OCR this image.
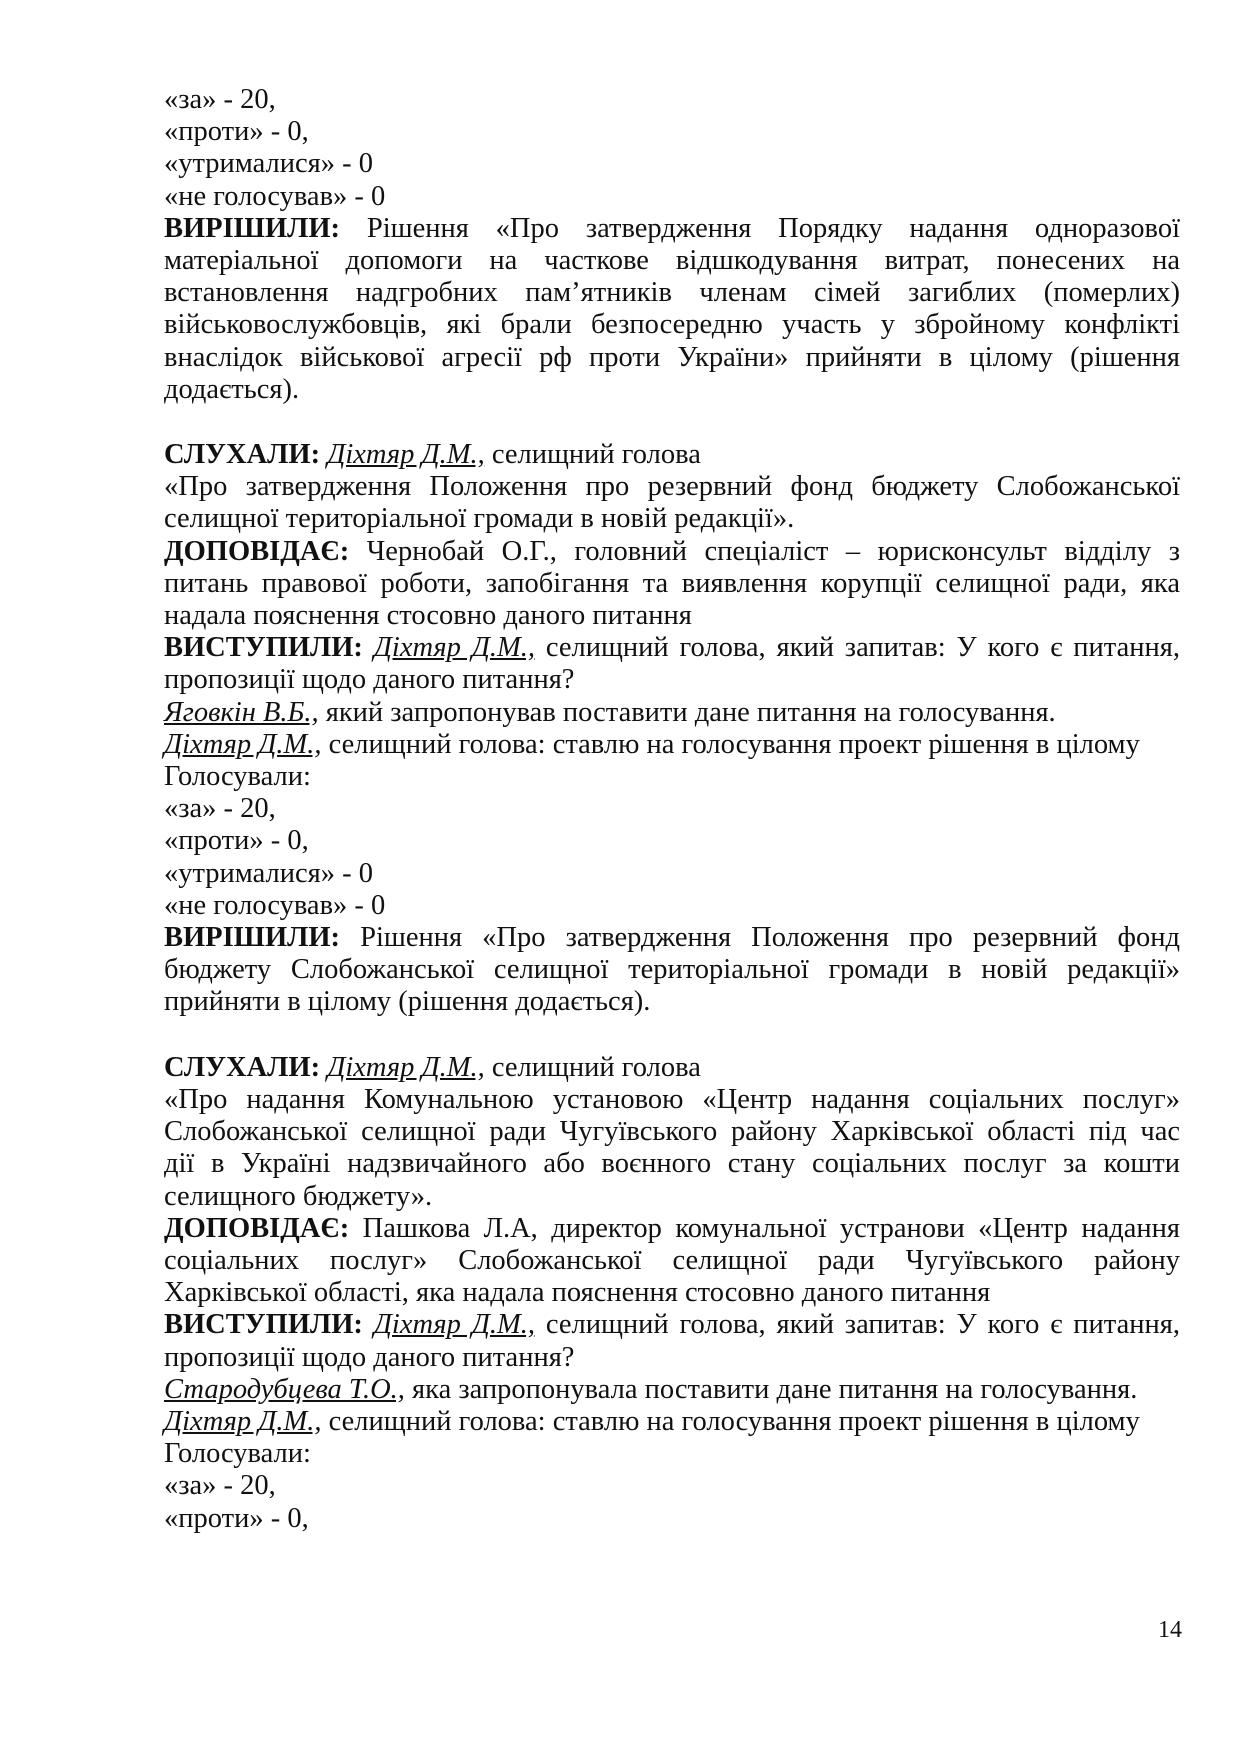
«за» - 20,
«проти» - 0,
«утрималися» - 0
«не голосував» - 0
ВИРІШИЛИ: Рішення «Про затвердження Порядку надання одноразової
матеріальної допомоги на часткове відшкодування витрат, понесених на
встановлення надгробних пам’ятників членам сімей загиблих (померлих)
військовослужбовців, які брали безпосередню участь у збройному конфлікті
внаслідок військової агресії рф проти України» прийняти в цілому (рішення
додається).
СЛУХАЛИ: Діхтяр Д.М., селищний голова
«Про затвердження Положення про резервний фонд бюджету Слобожанської
селищної територіальної громади в новій редакції».
ДОПОВІДАЄ: Чернобай О.Г., головний спеціаліст – юрисконсульт відділу з
питань правової роботи, запобігання та виявлення корупції селищної ради, яка
надала пояснення стосовно даного питання
ВИСТУПИЛИ: Діхтяр Д.М., селищний голова, який запитав: У кого є питання,
пропозиції щодо даного питання?
Яговкін В.Б., який запропонував поставити дане питання на голосування.
Діхтяр Д.М., селищний голова: ставлю на голосування проект рішення в цілому
Голосували:
«за» - 20,
«проти» - 0,
«утрималися» - 0
«не голосував» - 0
ВИРІШИЛИ: Рішення «Про затвердження Положення про резервний фонд
бюджету Слобожанської селищної територіальної громади в новій редакції»
прийняти в цілому (рішення додається).
СЛУХАЛИ: Діхтяр Д.М., селищний голова
«Про надання Комунальною установою «Центр надання соціальних послуг»
Слобожанської селищної ради Чугуївського району Харківської області під час
дії в Україні надзвичайного або воєнного стану соціальних послуг за кошти
селищного бюджету».
ДОПОВІДАЄ: Пашкова Л.А, директор комунальної устранови «Центр надання
соціальних послуг» Слобожанської селищної ради Чугуївського району
Харківської області, яка надала пояснення стосовно даного питання
ВИСТУПИЛИ: Діхтяр Д.М., селищний голова, який запитав: У кого є питання,
пропозиції щодо даного питання?
Стародубцева Т.О., яка запропонувала поставити дане питання на голосування.
Діхтяр Д.М., селищний голова: ставлю на голосування проект рішення в цілому
Голосували:
«за» - 20,
«проти» - 0,
14
